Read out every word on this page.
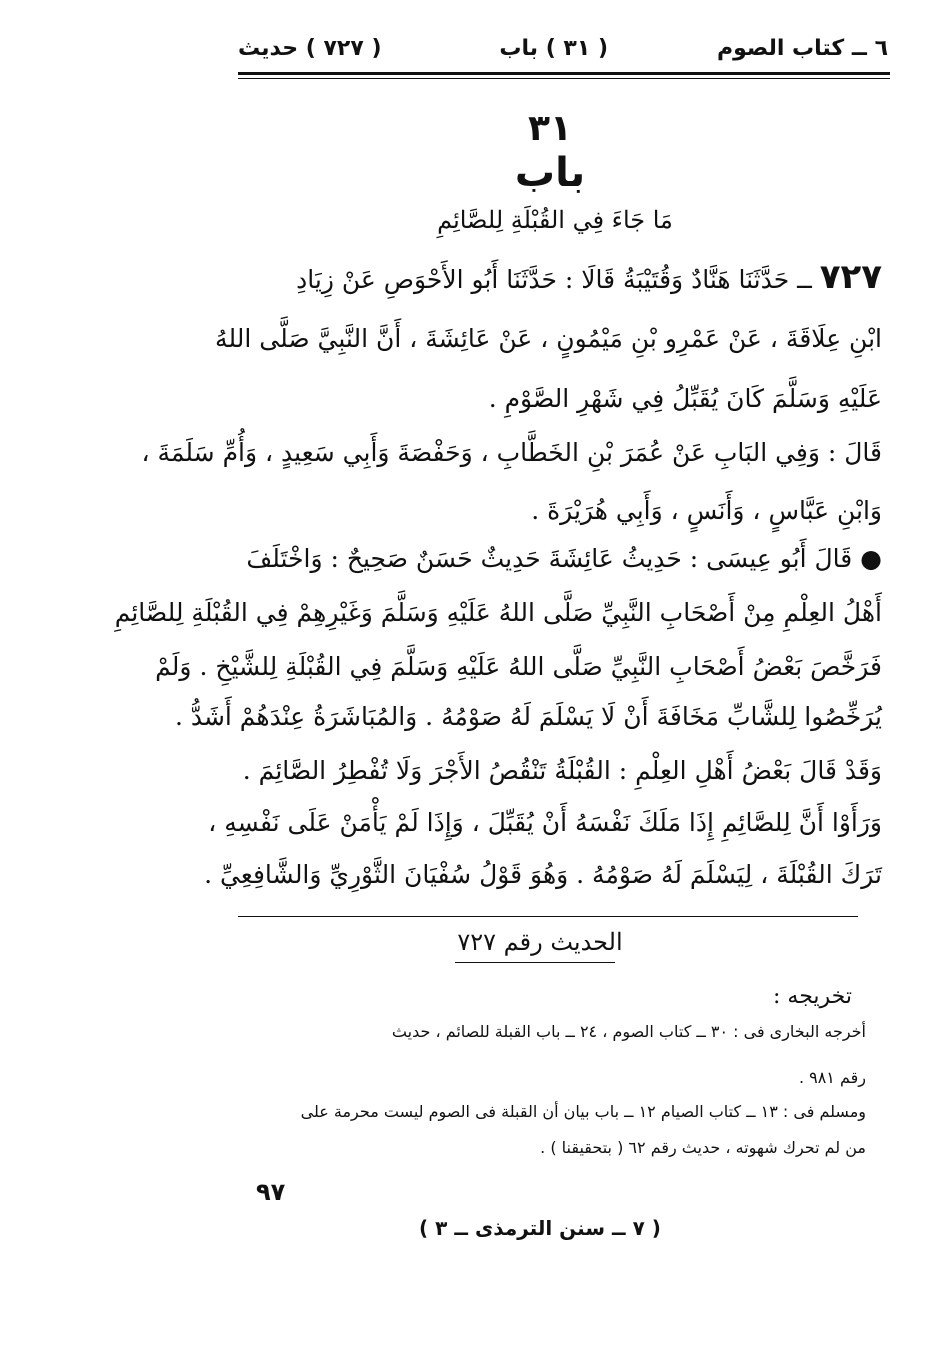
٦ ــ كتاب الصوم
( ٣١ ) باب
( ٧٢٧ ) حديث
٣١
باب
مَا جَاءَ فِي القُبْلَةِ لِلصَّائِمِ
٧٢٧ ــ حَدَّثَنَا هَنَّادٌ وَقُتَيْبَةُ قَالَا : حَدَّثَنَا أَبُو الأَحْوَصِ عَنْ زِيَادِ
ابْنِ عِلَاقَةَ ، عَنْ عَمْرِو بْنِ مَيْمُونٍ ، عَنْ عَائِشَةَ ، أَنَّ النَّبِيَّ صَلَّى اللهُ
عَلَيْهِ وَسَلَّمَ كَانَ يُقَبِّلُ فِي شَهْرِ الصَّوْمِ .
قَالَ : وَفِي البَابِ عَنْ عُمَرَ بْنِ الخَطَّابِ ، وَحَفْصَةَ وَأَبِي سَعِيدٍ ، وَأُمِّ سَلَمَةَ ،
وَابْنِ عَبَّاسٍ ، وَأَنَسٍ ، وَأَبِي هُرَيْرَةَ .
● قَالَ أَبُو عِيسَى : حَدِيثُ عَائِشَةَ حَدِيثٌ حَسَنٌ صَحِيحٌ : وَاخْتَلَفَ
أَهْلُ العِلْمِ مِنْ أَصْحَابِ النَّبِيِّ صَلَّى اللهُ عَلَيْهِ وَسَلَّمَ وَغَيْرِهِمْ فِي القُبْلَةِ لِلصَّائِمِ
فَرَخَّصَ بَعْضُ أَصْحَابِ النَّبِيِّ صَلَّى اللهُ عَلَيْهِ وَسَلَّمَ فِي القُبْلَةِ لِلشَّيْخِ . وَلَمْ
يُرَخِّصُوا لِلشَّابِّ مَخَافَةَ أَنْ لَا يَسْلَمَ لَهُ صَوْمُهُ . وَالمُبَاشَرَةُ عِنْدَهُمْ أَشَدُّ .
وَقَدْ قَالَ بَعْضُ أَهْلِ العِلْمِ : القُبْلَةُ تَنْقُصُ الأَجْرَ وَلَا تُفْطِرُ الصَّائِمَ .
وَرَأَوْا أَنَّ لِلصَّائِمِ إِذَا مَلَكَ نَفْسَهُ أَنْ يُقَبِّلَ ، وَإِذَا لَمْ يَأْمَنْ عَلَى نَفْسِهِ ،
تَرَكَ القُبْلَةَ ، لِيَسْلَمَ لَهُ صَوْمُهُ . وَهُوَ قَوْلُ سُفْيَانَ الثَّوْرِيِّ وَالشَّافِعِيِّ .
الحديث رقم ٧٢٧
تخريجه :
أخرجه البخارى فى : ٣٠ ــ كتاب الصوم ، ٢٤ ــ باب القبلة للصائم ، حديث
رقم ٩٨١ .
ومسلم فى : ١٣ ــ كتاب الصيام ١٢ ــ باب بيان أن القبلة فى الصوم ليست محرمة على
من لم تحرك شهوته ، حديث رقم ٦٢ ( بتحقيقنا ) .
٩٧
( ٧ ــ سنن الترمذى ــ ٣ )
